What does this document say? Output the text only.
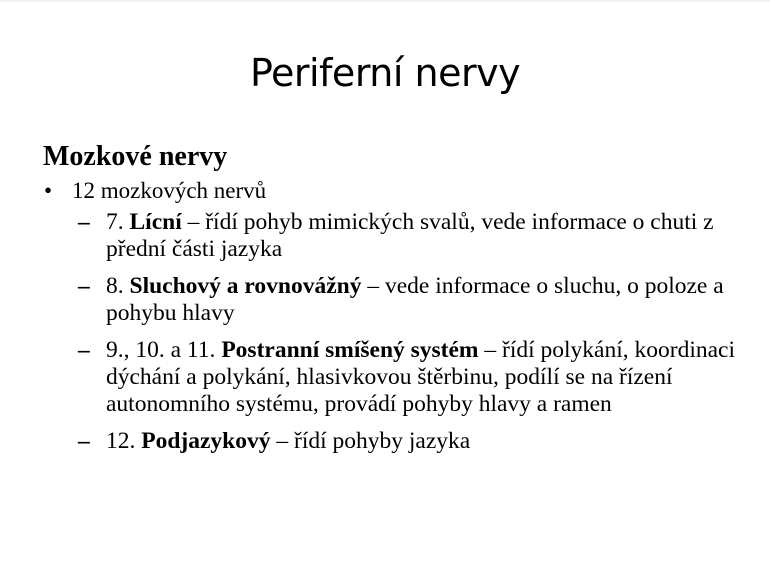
Periferní nervy
Mozkové nervy
• 12 mozkových nervů
– 7. Lícní – řídí pohyb mimických svalů, vede informace o chuti z přední části jazyka
– 8. Sluchový a rovnovážný – vede informace o sluchu, o poloze a pohybu hlavy
– 9., 10. a 11. Postranní smíšený systém – řídí polykání, koordinaci dýchání a polykání, hlasivkovou štěrbinu, podílí se na řízení autonomního systému, provádí pohyby hlavy a ramen
– 12. Podjazykový – řídí pohyby jazyka
